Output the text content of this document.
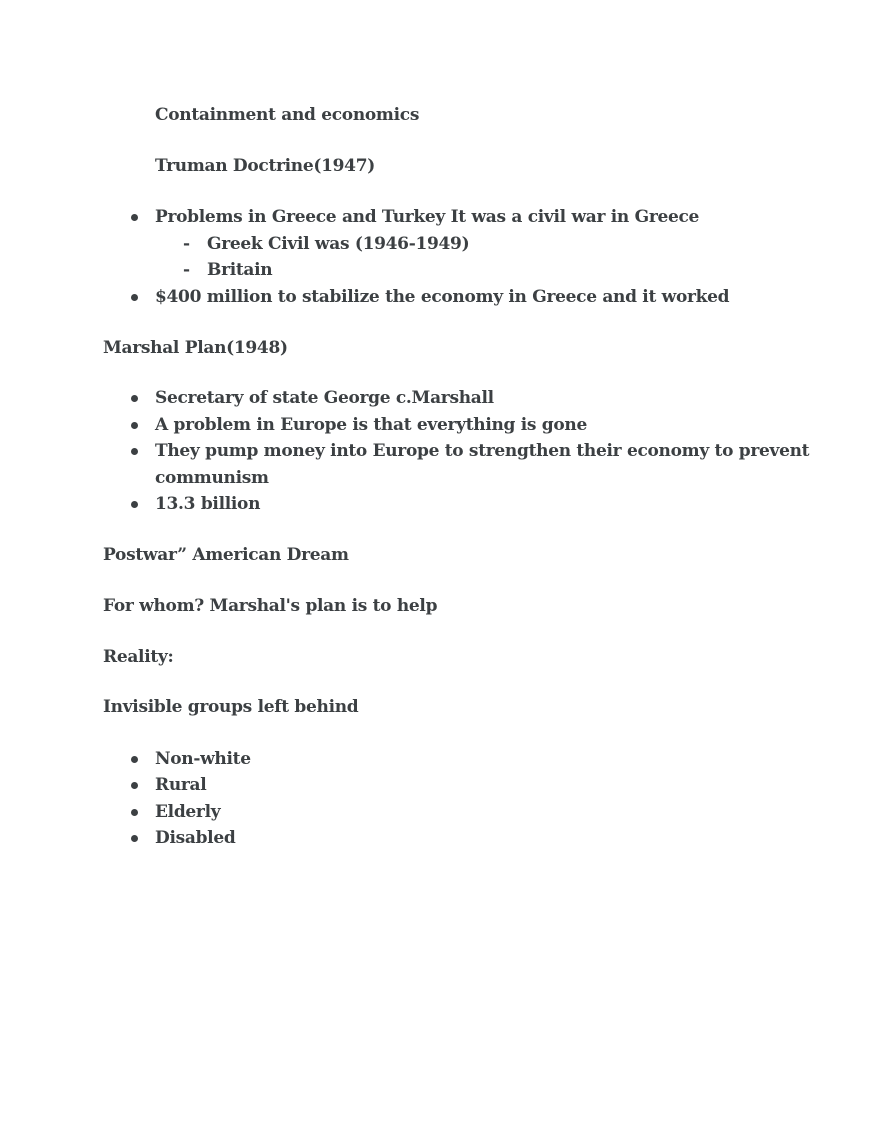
Containment and economics
Truman Doctrine(1947)
Problems in Greece and Turkey It was a civil war in Greece
- Greek Civil was (1946-1949)
- Britain
$400 million to stabilize the economy in Greece and it worked
Marshal Plan(1948)
Secretary of state George c.Marshall
A problem in Europe is that everything is gone
They pump money into Europe to strengthen their economy to prevent
communism
13.3 billion
Postwar” American Dream
For whom? Marshal's plan is to help
Reality:
Invisible groups left behind
Non-white
Rural
Elderly
Disabled
